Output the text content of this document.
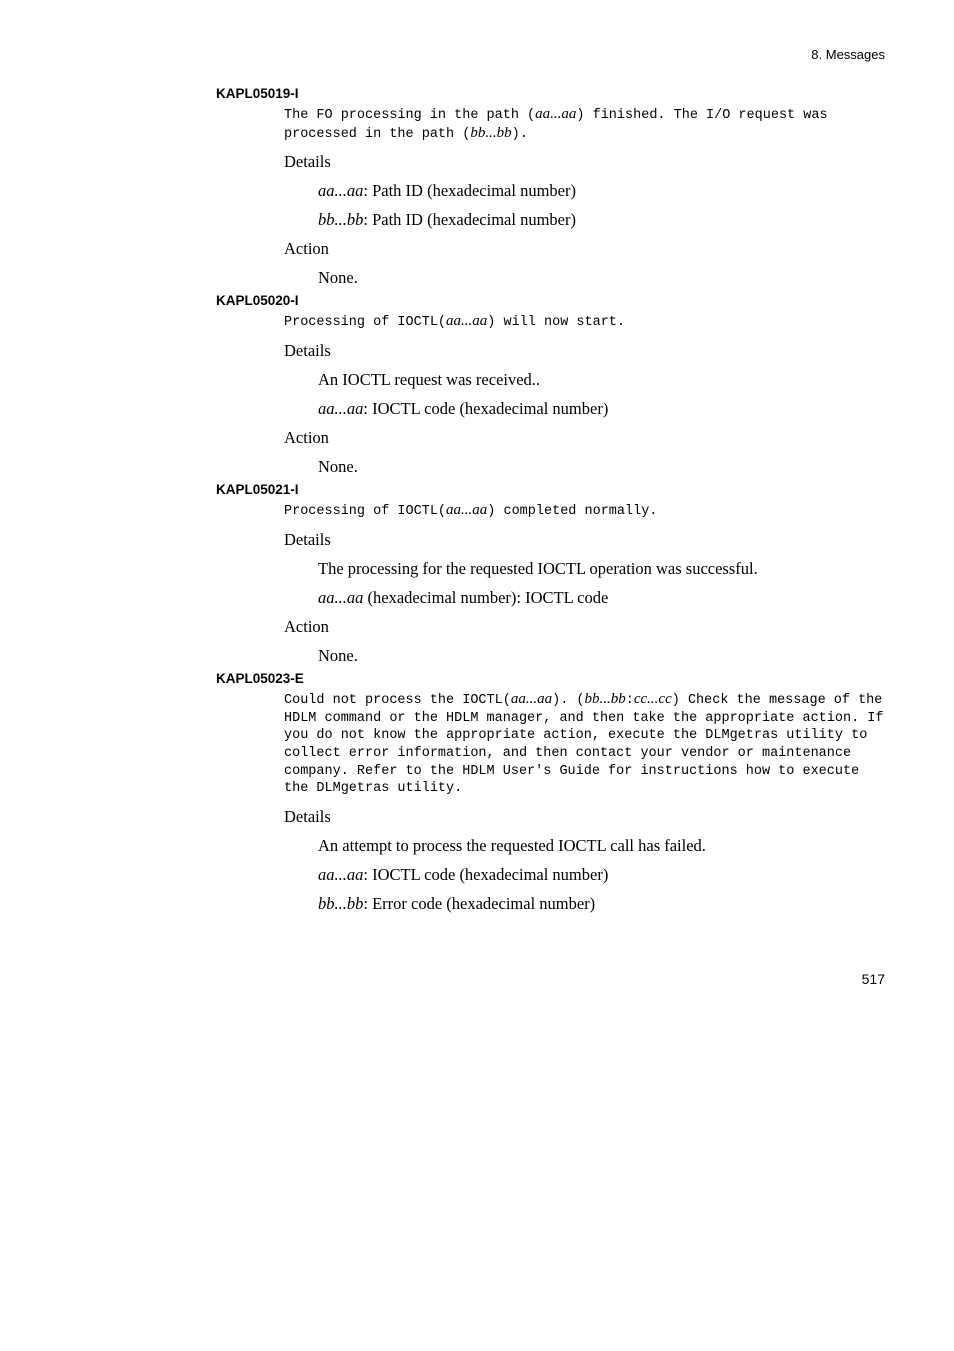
8. Messages
KAPL05019-I
The FO processing in the path (aa...aa) finished. The I/O request was processed in the path (bb...bb).
Details
aa...aa: Path ID (hexadecimal number)
bb...bb: Path ID (hexadecimal number)
Action
None.
KAPL05020-I
Processing of IOCTL(aa...aa) will now start.
Details
An IOCTL request was received..
aa...aa: IOCTL code (hexadecimal number)
Action
None.
KAPL05021-I
Processing of IOCTL(aa...aa) completed normally.
Details
The processing for the requested IOCTL operation was successful.
aa...aa (hexadecimal number): IOCTL code
Action
None.
KAPL05023-E
Could not process the IOCTL(aa...aa). (bb...bb:cc...cc) Check the message of the HDLM command or the HDLM manager, and then take the appropriate action. If you do not know the appropriate action, execute the DLMgetras utility to collect error information, and then contact your vendor or maintenance company. Refer to the HDLM User's Guide for instructions how to execute the DLMgetras utility.
Details
An attempt to process the requested IOCTL call has failed.
aa...aa: IOCTL code (hexadecimal number)
bb...bb: Error code (hexadecimal number)
517
